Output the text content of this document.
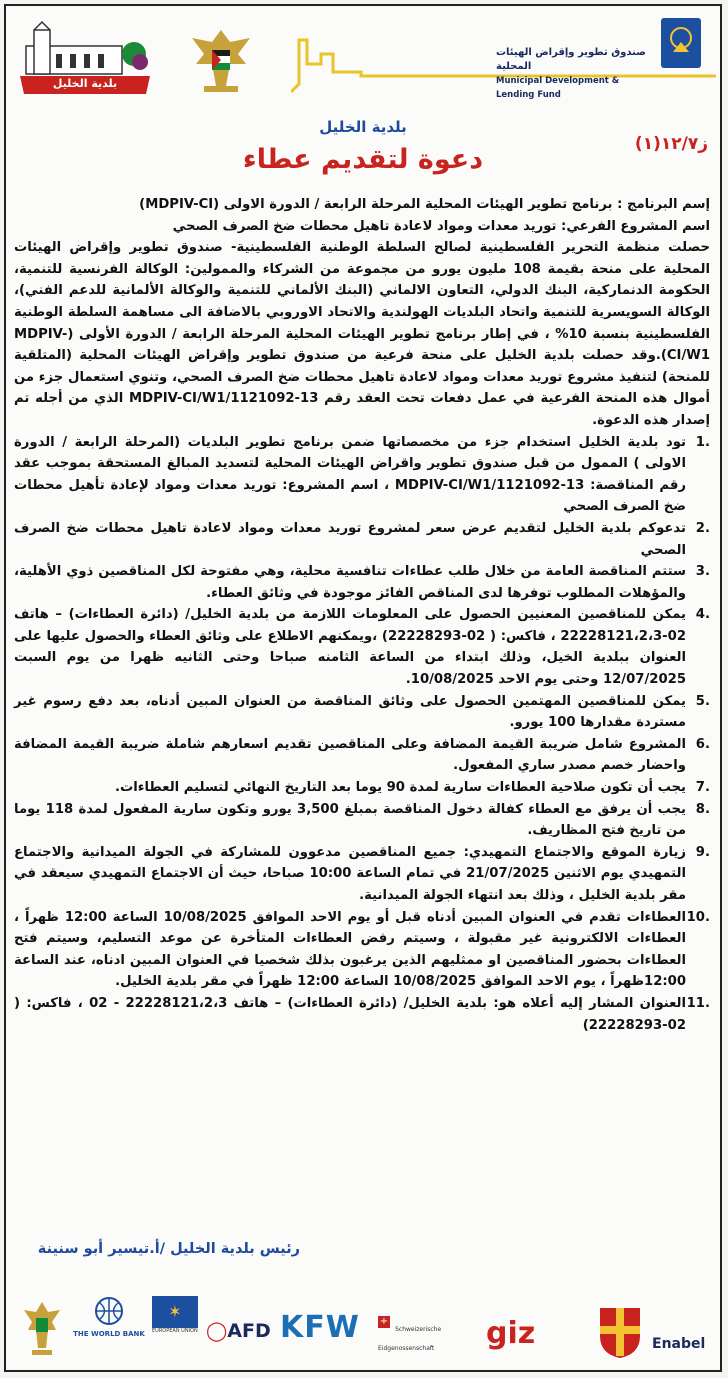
صندوق تطوير وإقراض الهيئات المحلية
Municipal Development & Lending Fund
بلدية الخليل
بلدية الخليل
ز١٢/٧(١)
دعوة لتقديم عطاء

إسم البرنامج : برنامج تطوير الهيئات المحلية المرحلة الرابعة / الدورة الاولى (MDPIV-CI)

اسم المشروع الفرعي: توريد معدات ومواد لاعادة تاهيل محطات ضخ الصرف الصحي

حصلت منظمة التحرير الفلسطينية لصالح السلطة الوطنية الفلسطينية- صندوق تطوير وإقراض الهيئات المحلية على منحة بقيمة 108 مليون يورو من مجموعة من الشركاء والممولين: الوكالة الفرنسية للتنمية، الحكومة الدنماركية، البنك الدولي، التعاون الالماني (البنك الألماني للتنمية والوكالة الألمانية للدعم الفني)، الوكالة السويسرية للتنمية واتحاد البلديات الهولندية والاتحاد الاوروبي بالاضافة الى مساهمة السلطة الوطنية الفلسطينية بنسبة 10% ، في إطار برنامج تطوير الهيئات المحلية المرحلة الرابعة / الدورة الأولى (MDPIV-CI/W1).وقد حصلت بلدية الخليل على منحة فرعية من صندوق تطوير وإقراض الهيئات المحلية (المتلقية للمنحة) لتنفيذ مشروع توريد معدات ومواد لاعادة تاهيل محطات ضخ الصرف الصحي، وتنوي استعمال جزء من أموال هذه المنحة الفرعية في عمل دفعات تحت العقد رقم MDPIV-CI/W1/1121092-13 الذي من أجله تم إصدار هذه الدعوة.

.1
تود بلدية الخليل استخدام جزء من مخصصاتها ضمن برنامج تطوير البلديات (المرحلة الرابعة / الدورة الاولى ) الممول من قبل صندوق تطوير واقراض الهيئات المحلية لتسديد المبالغ المستحقة بموجب عقد رقم المناقصة: MDPIV-CI/W1/1121092-13 ، اسم المشروع: توريد معدات ومواد لإعادة تأهيل محطات ضخ الصرف الصحي
.2
تدعوكم بلدية الخليل لتقديم عرض سعر لمشروع توريد معدات ومواد لاعادة تاهيل محطات ضخ الصرف الصحي
.3
ستتم المناقصة العامة من خلال طلب عطاءات تنافسية محلية، وهي مفتوحة لكل المناقصين ذوي الأهلية، والمؤهلات المطلوب توفرها لدى المناقص الفائز موجودة في وثائق العطاء.
.4
يمكن للمناقصين المعنيين الحصول على المعلومات اللازمة من بلدية الخليل/ (دائرة العطاءات) – هاتف 02-22228121،2،3 ، فاكس: ( 02-22228293) ،ويمكنهم الاطلاع على وثائق العطاء والحصول عليها على العنوان ببلدية الخيل، وذلك ابتداء من الساعة الثامنه صباحا وحتى الثانيه ظهرا من يوم السبت 12/07/2025 وحتى يوم الاحد 10/08/2025.
.5
يمكن للمناقصين المهتمين الحصول على وثائق المناقصة من العنوان المبين أدناه، بعد دفع رسوم غير مستردة مقدارها 100 يورو.
.6
المشروع شامل ضريبة القيمة المضافة وعلى المناقصين تقديم اسعارهم شاملة ضريبة القيمة المضافة واحضار خصم مصدر ساري المفعول.
.7
يجب أن تكون صلاحية العطاءات سارية لمدة 90 يوما بعد التاريخ النهائي لتسليم العطاءات.
.8
يجب أن يرفق مع العطاء كفالة دخول المناقصة بمبلغ 3,500 يورو وتكون سارية المفعول لمدة 118 يوما من تاريخ فتح المظاريف.
.9
زيارة الموقع والاجتماع التمهيدي: جميع المناقصين مدعوون للمشاركة في الجولة الميدانية والاجتماع التمهيدي يوم الاثنين 21/07/2025 في تمام الساعة 10:00 صباحا، حيث أن الاجتماع التمهيدي سيعقد في مقر بلدية الخليل ، وذلك بعد انتهاء الجولة الميدانية.
.10
العطاءات تقدم في العنوان المبين أدناه قبل أو يوم الاحد الموافق 10/08/2025 الساعة 12:00 ظهراً ، العطاءات الالكترونية غير مقبولة ، وسيتم رفض العطاءات المتأخرة عن موعد التسليم، وسيتم فتح العطاءات بحضور المناقصين او ممثليهم الذين يرغبون بذلك شخصيا في العنوان المبين ادناه، عند الساعة 12:00ظهراً ، يوم الاحد الموافق 10/08/2025 الساعة 12:00 ظهراً في مقر بلدية الخليل.
.11
العنوان المشار إليه أعلاه هو: بلدية الخليل/ (دائرة العطاءات) – هاتف 22228121،2،3 - 02 ، فاكس: ( 02-22228293)
رئيس بلدية الخليل /أ.تيسير أبو سنينة
THE WORLD BANK
✶
EUROPEAN UNION ◯AFD KFW + Schweizerische Eidgenossenschaft	giz	Enabel
